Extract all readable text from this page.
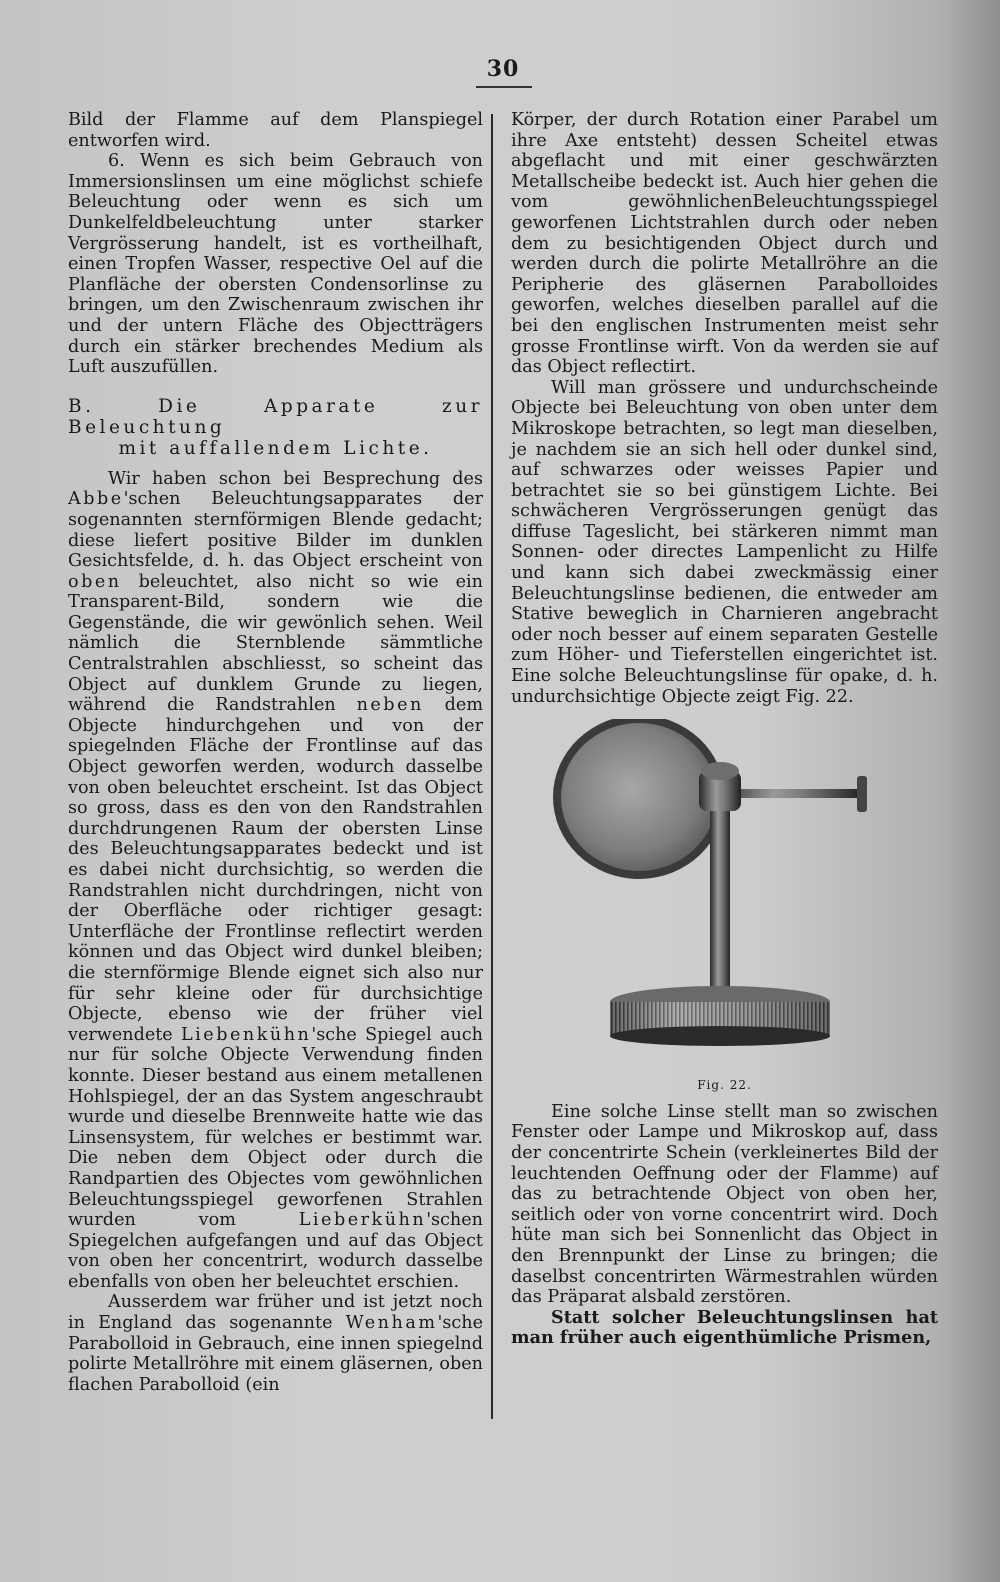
30

Bild der Flamme auf dem Planspiegel entworfen wird.

6. Wenn es sich beim Gebrauch von Immersionslinsen um eine möglichst schiefe Beleuchtung oder wenn es sich um Dunkelfeldbeleuchtung unter starker Vergrösserung handelt, ist es vortheilhaft, einen Tropfen Wasser, respective Oel auf die Planfläche der obersten Condensorlinse zu bringen, um den Zwischenraum zwischen ihr und der untern Fläche des Objectträgers durch ein stärker brechendes Medium als Luft auszufüllen.

B. Die Apparate zur Beleuchtung
mit auffallendem Lichte.

Wir haben schon bei Besprechung des Abbe'schen Beleuchtungsapparates der sogenannten sternförmigen Blende gedacht; diese liefert positive Bilder im dunklen Gesichtsfelde, d. h. das Object erscheint von oben beleuchtet, also nicht so wie ein Transparent-Bild, sondern wie die Gegenstände, die wir gewönlich sehen. Weil nämlich die Sternblende sämmtliche Centralstrahlen abschliesst, so scheint das Object auf dunklem Grunde zu liegen, während die Randstrahlen neben dem Objecte hindurchgehen und von der spiegelnden Fläche der Frontlinse auf das Object geworfen werden, wodurch dasselbe von oben beleuchtet erscheint. Ist das Object so gross, dass es den von den Randstrahlen durchdrungenen Raum der obersten Linse des Beleuchtungsapparates bedeckt und ist es dabei nicht durchsichtig, so werden die Randstrahlen nicht durchdringen, nicht von der Oberfläche oder richtiger gesagt: Unterfläche der Frontlinse reflectirt werden können und das Object wird dunkel bleiben; die sternförmige Blende eignet sich also nur für sehr kleine oder für durchsichtige Objecte, ebenso wie der früher viel verwendete Liebenkühn'sche Spiegel auch nur für solche Objecte Verwendung finden konnte. Dieser bestand aus einem metallenen Hohlspiegel, der an das System angeschraubt wurde und dieselbe Brennweite hatte wie das Linsensystem, für welches er bestimmt war. Die neben dem Object oder durch die Randpartien des Objectes vom gewöhnlichen Beleuchtungsspiegel geworfenen Strahlen wurden vom	Lieberkühn'schen Spiegelchen aufgefangen und auf das Object von oben her concentrirt, wodurch dasselbe ebenfalls von oben her beleuchtet erschien.

Ausserdem war früher und ist jetzt noch in England das sogenannte Wenham'sche Parabolloid in Gebrauch, eine innen spiegelnd polirte Metallröhre mit einem gläsernen, oben flachen Parabolloid (ein

Körper, der durch Rotation einer Parabel um ihre Axe entsteht) dessen Scheitel etwas abgeflacht und mit einer geschwärzten Metallscheibe bedeckt ist. Auch hier gehen die vom gewöhnlichenBeleuchtungsspiegel geworfenen Lichtstrahlen durch oder neben dem zu besichtigenden Object durch und werden durch die polirte Metallröhre an die Peripherie des gläsernen Parabolloides geworfen, welches dieselben parallel auf die bei den englischen Instrumenten meist sehr grosse Frontlinse wirft. Von da werden sie auf das Object reflectirt.

Will man grössere und undurchscheinde Objecte bei Beleuchtung von oben unter dem Mikroskope betrachten, so legt man dieselben, je nachdem sie an sich hell oder dunkel sind, auf schwarzes oder weisses Papier und betrachtet sie so bei günstigem Lichte. Bei schwächeren Vergrösserungen genügt das diffuse Tageslicht, bei stärkeren nimmt man Sonnen- oder directes Lampenlicht zu Hilfe und kann sich dabei zweckmässig einer Beleuchtungslinse bedienen, die entweder am Stative beweglich in Charnieren angebracht oder noch besser auf einem separaten Gestelle zum Höher- und Tieferstellen eingerichtet ist. Eine solche Beleuchtungslinse für opake, d. h. undurchsichtige Objecte zeigt Fig. 22.

Fig. 22.

Eine solche Linse stellt man so zwischen Fenster oder Lampe und Mikroskop auf, dass der concentrirte Schein (verkleinertes Bild der leuchtenden Oeffnung oder der Flamme) auf das zu betrachtende Object von oben her, seitlich oder von vorne concentrirt wird. Doch hüte man sich bei Sonnenlicht das Object in den Brennpunkt der Linse zu bringen; die daselbst concentrirten Wärmestrahlen würden das Präparat alsbald zerstören.

Statt solcher Beleuchtungslinsen hat man früher auch eigenthümliche Prismen,
